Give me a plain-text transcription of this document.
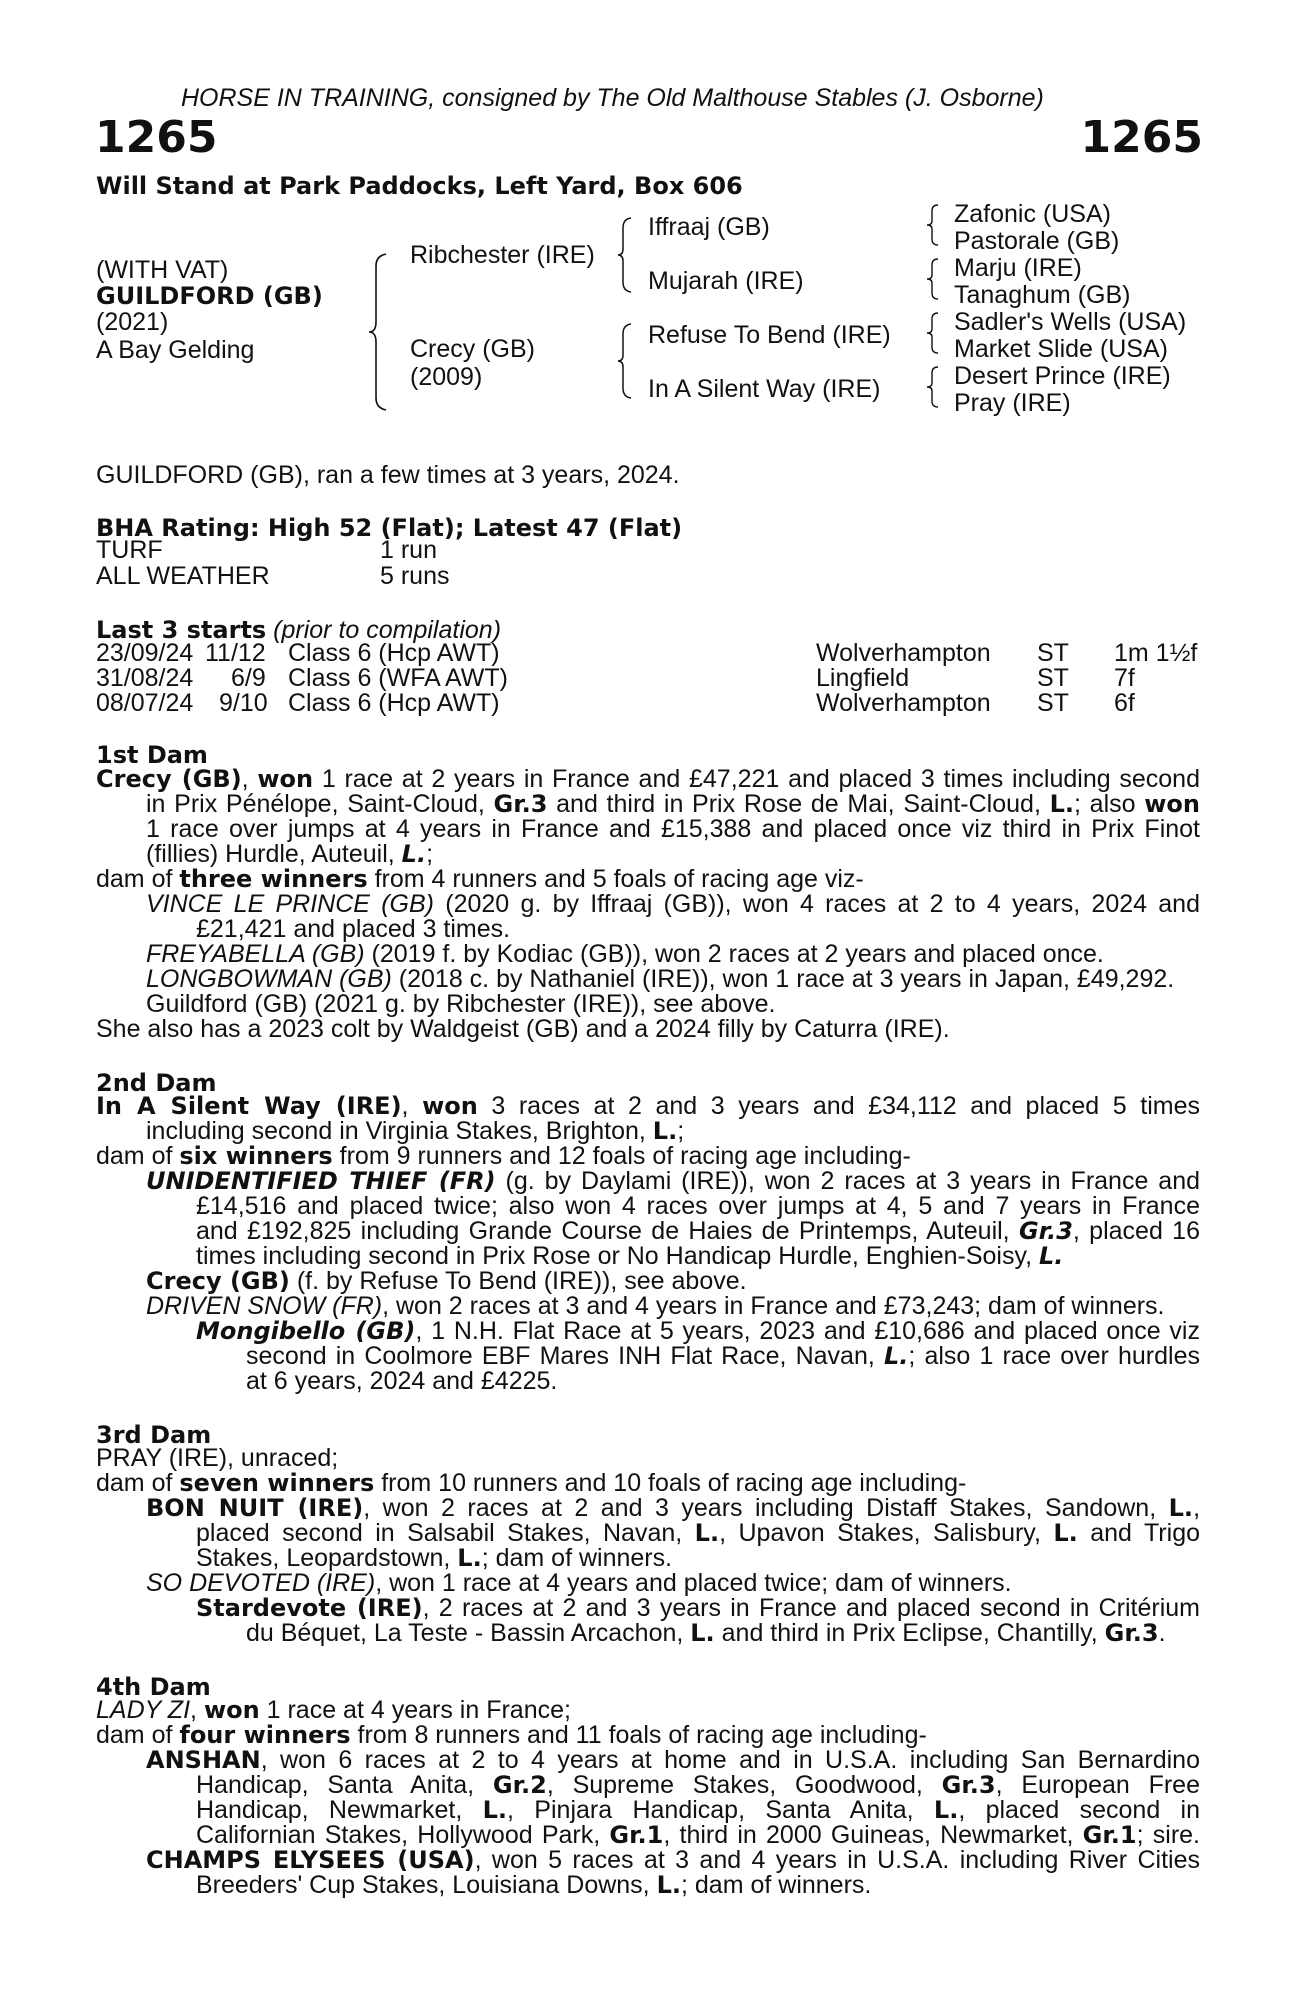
HORSE IN TRAINING, consigned by The Old Malthouse Stables (J. Osborne)
1265	1265
Will Stand at Park Paddocks, Left Yard, Box 606
(WITH VAT)
GUILDFORD (GB)
(2021)
A Bay Gelding
Ribchester (IRE)
Crecy (GB)
(2009)
Iffraaj (GB)
Mujarah (IRE)
Refuse To Bend (IRE)
In A Silent Way (IRE)
Zafonic (USA)
Pastorale (GB)
Marju (IRE)
Tanaghum (GB)
Sadler's Wells (USA)
Market Slide (USA)
Desert Prince (IRE)
Pray (IRE)
GUILDFORD (GB), ran a few times at 3 years, 2024.
BHA Rating: High 52 (Flat); Latest 47 (Flat)
TURF	1 run
ALL WEATHER	5 runs
Last 3 starts (prior to compilation)
23/09/24 11/12 Class 6 (Hcp AWT)	Wolverhampton ST 1m 1½f
31/08/24 6/9 Class 6 (WFA AWT)	Lingfield	ST 7f
08/07/24 9/10 Class 6 (Hcp AWT)	Wolverhampton ST 6f
1st Dam
Crecy (GB), won 1 race at 2 years in France and £47,221 and placed 3 times including second
in Prix Pénélope, Saint-Cloud, Gr.3 and third in Prix Rose de Mai, Saint-Cloud, L.; also won
1 race over jumps at 4 years in France and £15,388 and placed once viz third in Prix Finot
(fillies) Hurdle, Auteuil, L.;
dam of three winners from 4 runners and 5 foals of racing age viz-
VINCE LE PRINCE (GB) (2020 g. by Iffraaj (GB)), won 4 races at 2 to 4 years, 2024 and
£21,421 and placed 3 times.
FREYABELLA (GB) (2019 f. by Kodiac (GB)), won 2 races at 2 years and placed once.
LONGBOWMAN (GB) (2018 c. by Nathaniel (IRE)), won 1 race at 3 years in Japan, £49,292.
Guildford (GB) (2021 g. by Ribchester (IRE)), see above.
She also has a 2023 colt by Waldgeist (GB) and a 2024 filly by Caturra (IRE).
2nd Dam
In A Silent Way (IRE), won 3 races at 2 and 3 years and £34,112 and placed 5 times
including second in Virginia Stakes, Brighton, L.;
dam of six winners from 9 runners and 12 foals of racing age including-
UNIDENTIFIED THIEF (FR) (g. by Daylami (IRE)), won 2 races at 3 years in France and
£14,516 and placed twice; also won 4 races over jumps at 4, 5 and 7 years in France
and £192,825 including Grande Course de Haies de Printemps, Auteuil, Gr.3, placed 16
times including second in Prix Rose or No Handicap Hurdle, Enghien-Soisy, L.
Crecy (GB) (f. by Refuse To Bend (IRE)), see above.
DRIVEN SNOW (FR), won 2 races at 3 and 4 years in France and £73,243; dam of winners.
Mongibello (GB), 1 N.H. Flat Race at 5 years, 2023 and £10,686 and placed once viz
second in Coolmore EBF Mares INH Flat Race, Navan, L.; also 1 race over hurdles
at 6 years, 2024 and £4225.
3rd Dam
PRAY (IRE), unraced;
dam of seven winners from 10 runners and 10 foals of racing age including-
BON NUIT (IRE), won 2 races at 2 and 3 years including Distaff Stakes, Sandown, L.,
placed second in Salsabil Stakes, Navan, L., Upavon Stakes, Salisbury, L. and Trigo
Stakes, Leopardstown, L.; dam of winners.
SO DEVOTED (IRE), won 1 race at 4 years and placed twice; dam of winners.
Stardevote (IRE), 2 races at 2 and 3 years in France and placed second in Critérium
du Béquet, La Teste - Bassin Arcachon, L. and third in Prix Eclipse, Chantilly, Gr.3.
4th Dam
LADY ZI, won 1 race at 4 years in France;
dam of four winners from 8 runners and 11 foals of racing age including-
ANSHAN, won 6 races at 2 to 4 years at home and in U.S.A. including San Bernardino
Handicap, Santa Anita, Gr.2, Supreme Stakes, Goodwood, Gr.3, European Free
Handicap, Newmarket, L., Pinjara Handicap, Santa Anita, L., placed second in
Californian Stakes, Hollywood Park, Gr.1, third in 2000 Guineas, Newmarket, Gr.1; sire.
CHAMPS ELYSEES (USA), won 5 races at 3 and 4 years in U.S.A. including River Cities
Breeders' Cup Stakes, Louisiana Downs, L.; dam of winners.
